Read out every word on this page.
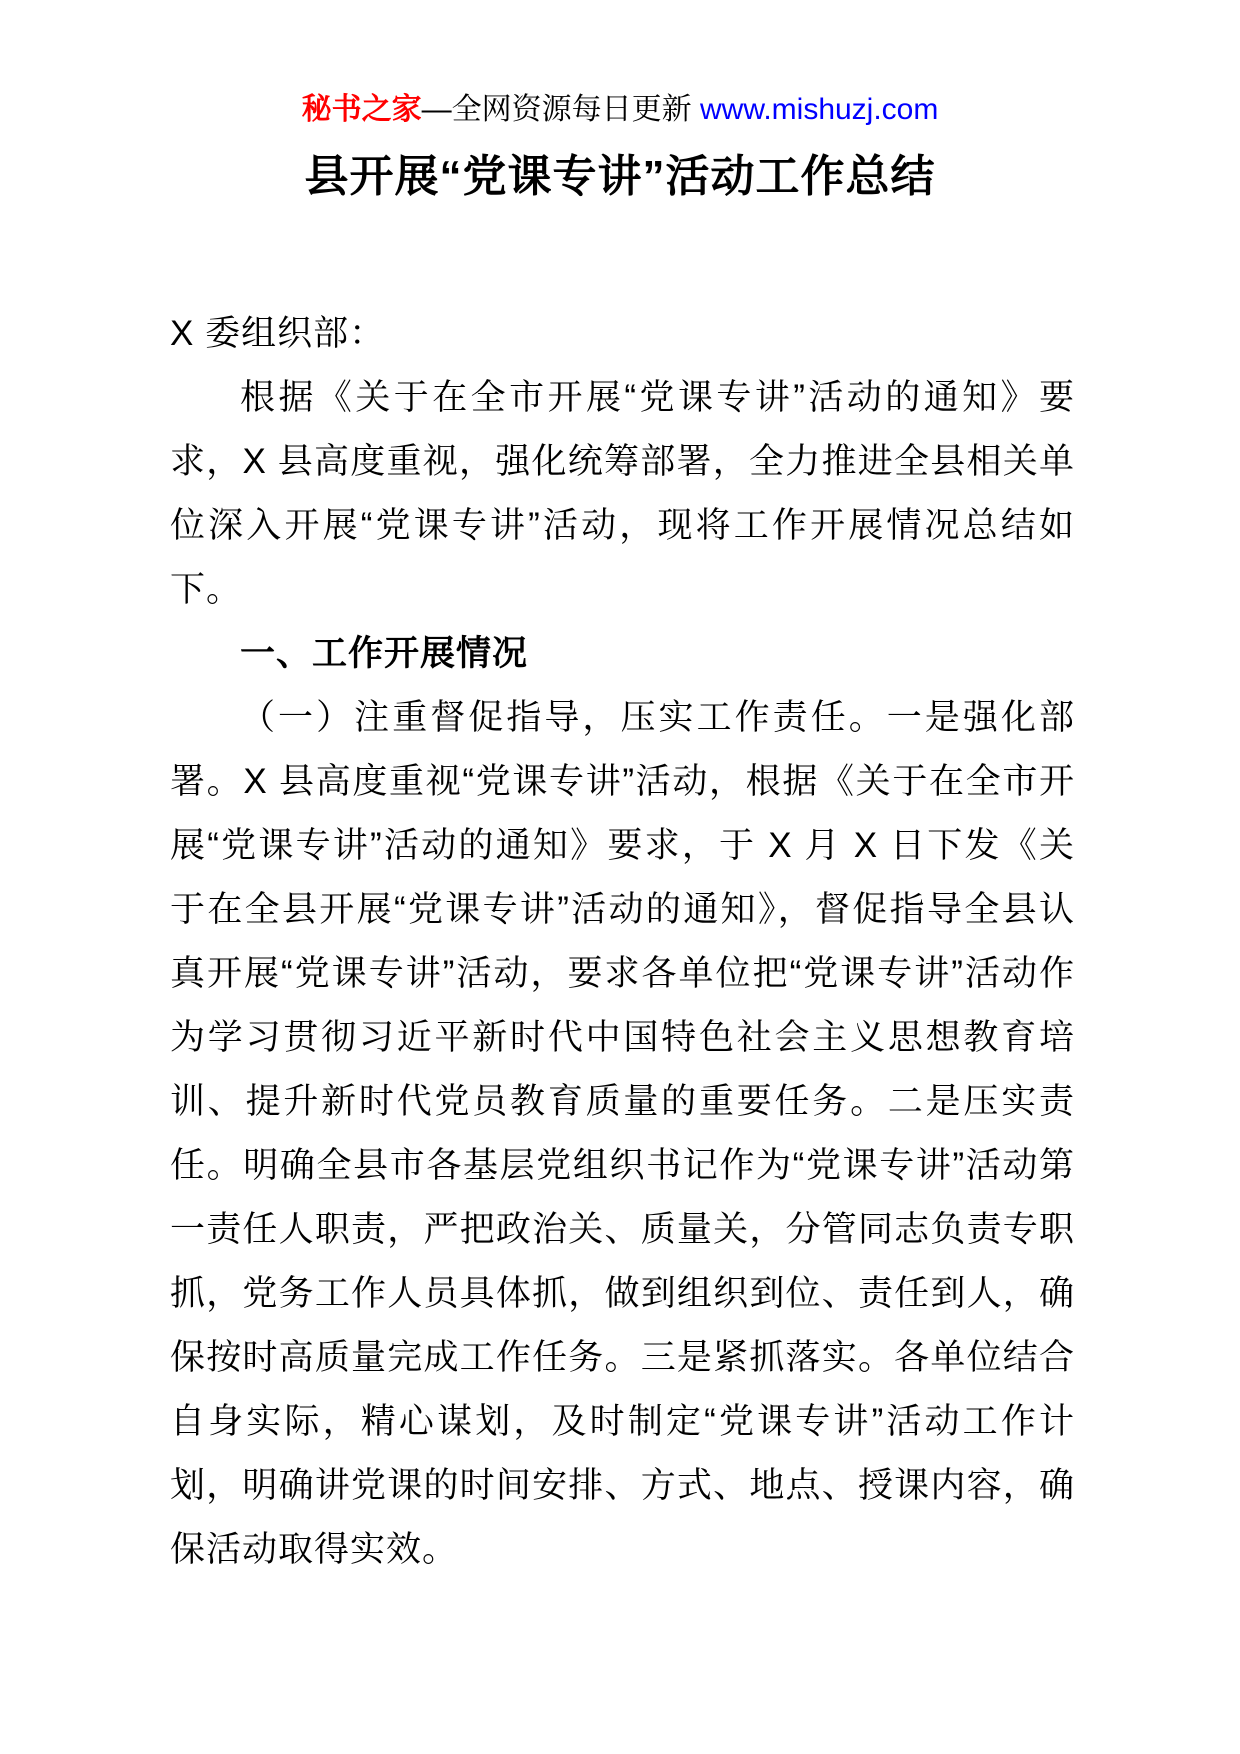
秘书之家—全网资源每日更新 www.mishuzj.com
县开展“党课专讲”活动工作总结

X 委组织部：

根据《关于在全市开展“党课专讲”活动的通知》要求，X 县高度重视，强化统筹部署，全力推进全县相关单位深入开展“党课专讲”活动，现将工作开展情况总结如下。

一、工作开展情况

（一）注重督促指导，压实工作责任。一是强化部署。X 县高度重视“党课专讲”活动，根据《关于在全市开展“党课专讲”活动的通知》要求，于 X 月 X 日下发《关于在全县开展“党课专讲”活动的通知》，督促指导全县认真开展“党课专讲”活动，要求各单位把“党课专讲”活动作为学习贯彻习近平新时代中国特色社会主义思想教育培训、提升新时代党员教育质量的重要任务。二是压实责任。明确全县市各基层党组织书记作为“党课专讲”活动第一责任人职责，严把政治关、质量关，分管同志负责专职抓，党务工作人员具体抓，做到组织到位、责任到人，确保按时高质量完成工作任务。三是紧抓落实。各单位结合自身实际，精心谋划，及时制定“党课专讲”活动工作计划，明确讲党课的时间安排、方式、地点、授课内容，确保活动取得实效。
